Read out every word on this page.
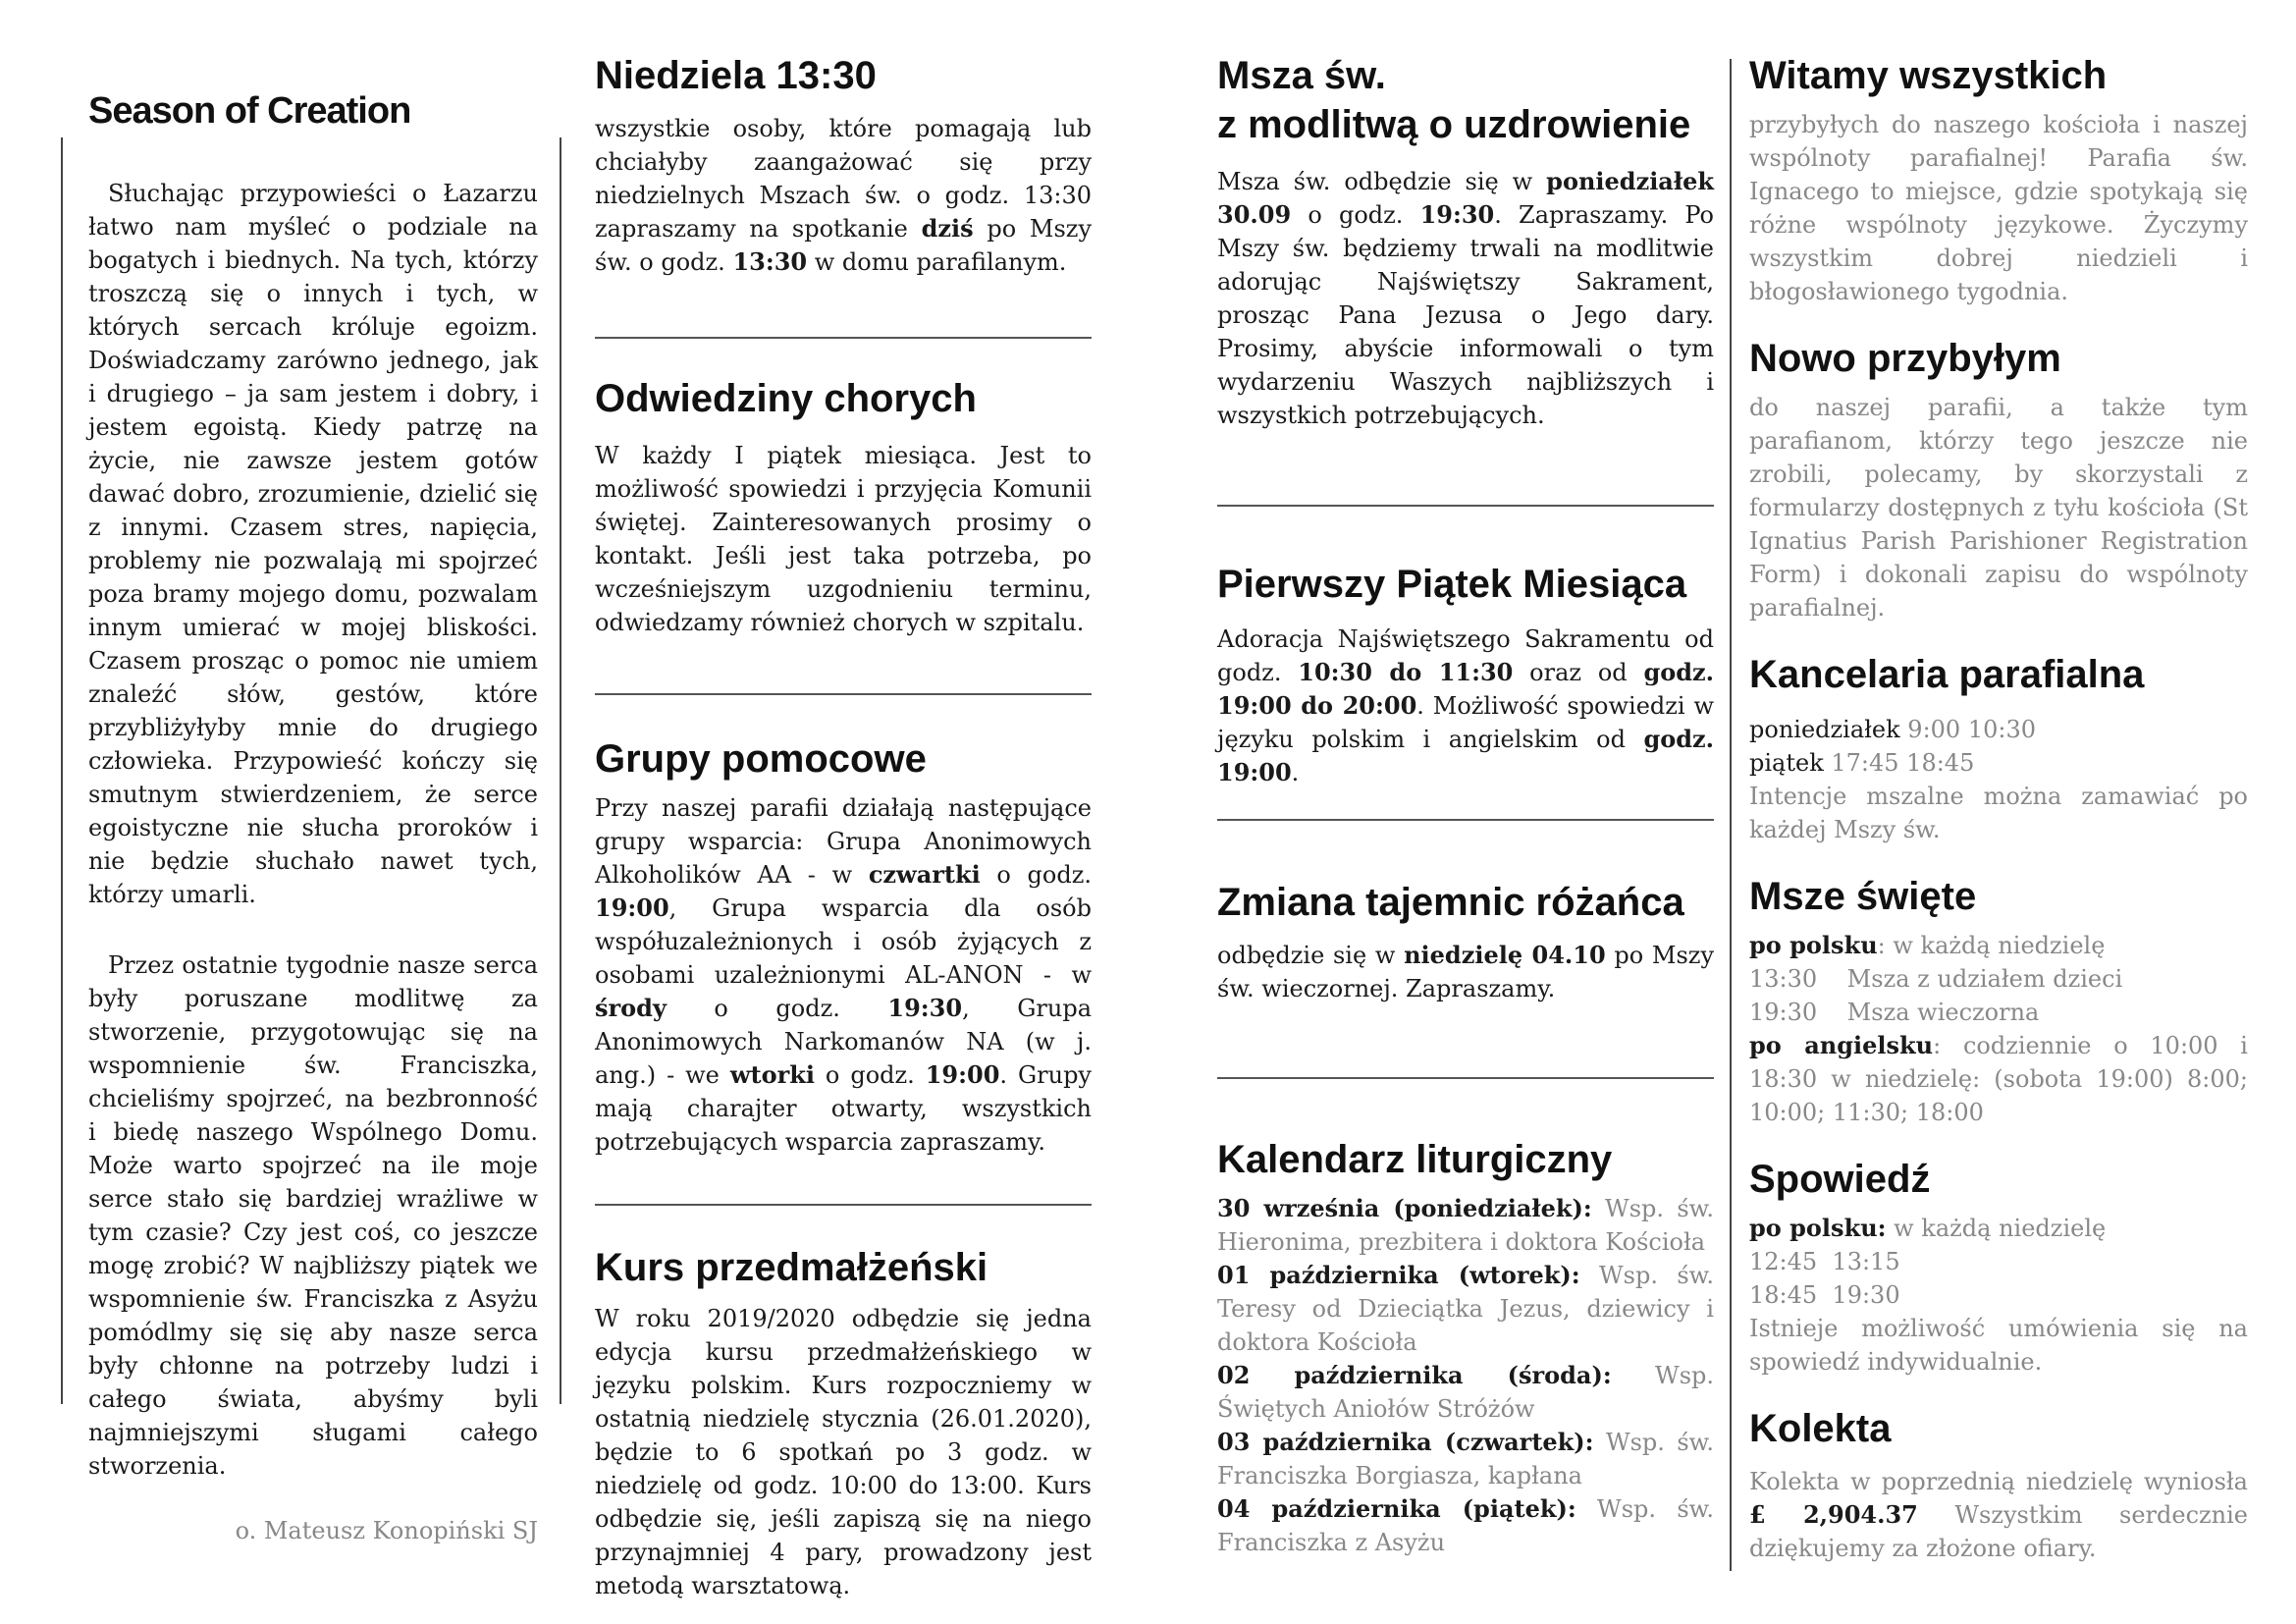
Season of Creation

Słuchając przypowieści o Łazarzu łatwo nam myśleć o podziale na bogatych i biednych. Na tych, którzy troszczą się o innych i tych, w których sercach króluje egoizm. Doświadczamy zarówno jednego, jak i drugiego – ja sam jestem i dobry, i jestem egoistą. Kiedy patrzę na życie, nie zawsze jestem gotów dawać dobro, zrozumienie, dzielić się z innymi. Czasem stres, napięcia, problemy nie pozwalają mi spojrzeć poza bramy mojego domu, pozwalam innym umierać w mojej bliskości. Czasem prosząc o pomoc nie umiem znaleźć słów, gestów, które przybliżyłyby mnie do drugiego człowieka. Przypowieść kończy się smutnym stwierdzeniem, że serce egoistyczne nie słucha proroków i nie będzie słuchało nawet tych, którzy umarli.

Przez ostatnie tygodnie nasze serca były poruszane modlitwę za stworzenie, przygotowując się na wspomnienie św. Franciszka, chcieliśmy spojrzeć, na bezbronność i biedę naszego Wspólnego Domu. Może warto spojrzeć na ile moje serce stało się bardziej wrażliwe w tym czasie? Czy jest coś, co jeszcze mogę zrobić? W najbliższy piątek we wspomnienie św. Franciszka z Asyżu pomódlmy się się aby nasze serca były chłonne na potrzeby ludzi i całego świata, abyśmy byli najmniejszymi sługami całego stworzenia.

o. Mateusz Konopiński SJ

Niedziela 13:30

wszystkie osoby, które pomagają lub chciałyby zaangażować się przy niedzielnych Mszach św. o godz. 13:30 zapraszamy na spotkanie dziś po Mszy św. o godz. 13:30 w domu parafilanym.

Odwiedziny chorych

W każdy I piątek miesiąca. Jest to możliwość spowiedzi i przyjęcia Komunii świętej. Zainteresowanych prosimy o kontakt. Jeśli jest taka potrzeba, po wcześniejszym uzgodnieniu terminu, odwiedzamy również chorych w szpitalu.

Grupy pomocowe

Przy naszej parafii działają następujące grupy wsparcia: Grupa Anonimowych Alkoholików AA - w czwartki o godz. 19:00, Grupa wsparcia dla osób współuzależnionych i osób żyjących z osobami uzależnionymi AL-ANON - w środy o godz. 19:30, Grupa Anonimowych Narkomanów NA (w j. ang.) - we wtorki o godz. 19:00. Grupy mają charajter otwarty, wszystkich potrzebujących wsparcia zapraszamy.

Kurs przedmałżeński

W roku 2019/2020 odbędzie się jedna edycja kursu przedmałżeńskiego w języku polskim. Kurs rozpoczniemy w ostatnią niedzielę stycznia (26.01.2020), będzie to 6 spotkań po 3 godz. w niedzielę od godz. 10:00 do 13:00. Kurs odbędzie się, jeśli zapiszą się na niego przynajmniej 4 pary, prowadzony jest metodą warsztatową.

Msza św.
z modlitwą o uzdrowienie

Msza św. odbędzie się w poniedziałek 30.09 o godz. 19:30. Zapraszamy. Po Mszy św. będziemy trwali na modlitwie adorując Najświętszy Sakrament, prosząc Pana Jezusa o Jego dary. Prosimy, abyście informowali o tym wydarzeniu Waszych najbliższych i wszystkich potrzebujących.

Pierwszy Piątek Miesiąca

Adoracja Najświętszego Sakramentu od godz. 10:30 do 11:30 oraz od godz. 19:00 do 20:00. Możliwość spowiedzi w języku polskim i angielskim od godz. 19:00.

Zmiana tajemnic różańca

odbędzie się w niedzielę 04.10 po Mszy św. wieczornej. Zapraszamy.

Kalendarz liturgiczny

30 września (poniedziałek): Wsp. św. Hieronima, prezbitera i doktora Kościoła

01 października (wtorek): Wsp. św. Teresy od Dzieciątka Jezus, dziewicy i doktora Kościoła

02 października (środa): Wsp. Świętych Aniołów Stróżów

03 października (czwartek): Wsp. św. Franciszka Borgiasza, kapłana

04 października (piątek): Wsp. św. Franciszka z Asyżu

Witamy wszystkich

przybyłych do naszego kościoła i naszej wspólnoty parafialnej! Parafia św. Ignacego to miejsce, gdzie spotykają się różne wspólnoty językowe. Życzymy wszystkim dobrej niedzieli i błogosławionego tygodnia.

Nowo przybyłym

do naszej parafii, a także tym parafianom, którzy tego jeszcze nie zrobili, polecamy, by skorzystali z formularzy dostępnych z tyłu kościoła (St Ignatius Parish Parishioner Registration Form) i dokonali zapisu do wspólnoty parafialnej.

Kancelaria parafialna

poniedziałek 9:00 10:30

piątek 17:45 18:45

Intencje mszalne można zamawiać po każdej Mszy św.

Msze święte

po polsku: w każdą niedzielę

13:30    Msza z udziałem dzieci

19:30    Msza wieczorna

po angielsku: codziennie o 10:00 i 18:30 w niedzielę: (sobota 19:00) 8:00; 10:00; 11:30; 18:00

Spowiedź

po polsku: w każdą niedzielę

12:45  13:15

18:45  19:30

Istnieje możliwość umówienia się na spowiedź indywidualnie.

Kolekta

Kolekta w poprzednią niedzielę wyniosła £ 2,904.37 Wszystkim serdecznie dziękujemy za złożone ofiary.
